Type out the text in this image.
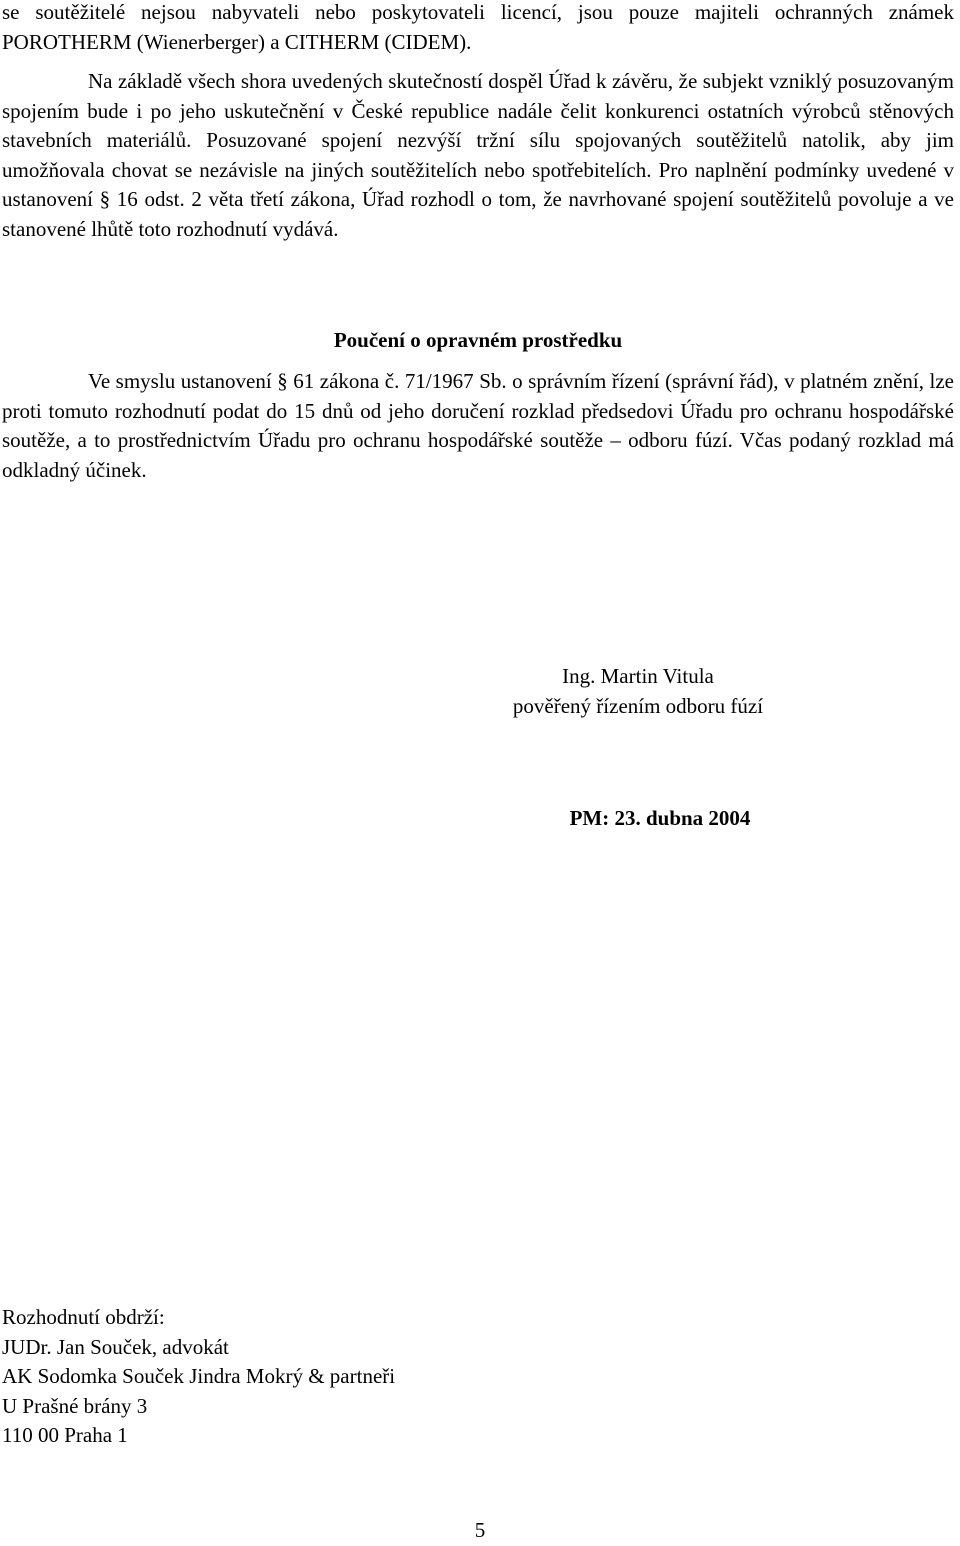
se soutěžitelé nejsou nabyvateli nebo poskytovateli licencí, jsou pouze majiteli ochranných známek POROTHERM (Wienerberger) a CITHERM (CIDEM).

Na základě všech shora uvedených skutečností dospěl Úřad k závěru, že subjekt vzniklý posuzovaným spojením bude i po jeho uskutečnění v České republice nadále čelit konkurenci ostatních výrobců stěnových stavebních materiálů. Posuzované spojení nezvýší tržní sílu spojovaných soutěžitelů natolik, aby jim umožňovala chovat se nezávisle na jiných soutěžitelích nebo spotřebitelích. Pro naplnění podmínky uvedené v ustanovení § 16 odst. 2 věta třetí zákona, Úřad rozhodl o tom, že navrhované spojení soutěžitelů povoluje a ve stanovené lhůtě toto rozhodnutí vydává.

Poučení o opravném prostředku

Ve smyslu ustanovení § 61 zákona č. 71/1967 Sb. o správním řízení (správní řád), v platném znění, lze proti tomuto rozhodnutí podat do 15 dnů od jeho doručení rozklad předsedovi Úřadu pro ochranu hospodářské soutěže, a to prostřednictvím Úřadu pro ochranu hospodářské soutěže – odboru fúzí. Včas podaný rozklad má odkladný účinek.

Ing. Martin Vitula
pověřený řízením odboru fúzí
PM: 23. dubna 2004
Rozhodnutí obdrží:
JUDr. Jan Souček, advokát
AK Sodomka Souček Jindra Mokrý & partneři
U Prašné brány 3
110 00 Praha 1
5
